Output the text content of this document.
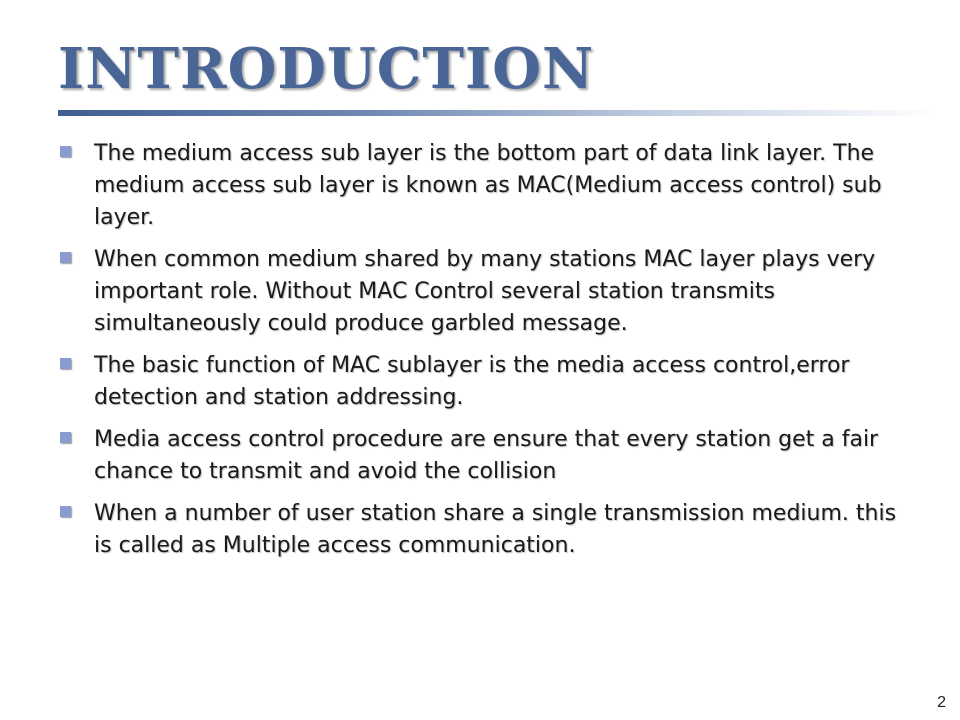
INTRODUCTION
The medium access sub layer is the bottom part of data link layer. The medium access sub layer is known as MAC(Medium access control) sub layer.
When common medium shared by many stations MAC layer plays very important role. Without MAC Control several station transmits simultaneously could produce garbled message.
The basic function of MAC sublayer is the media access control,error detection and station addressing.
Media access control procedure are ensure that every station get a fair chance to transmit and avoid the collision
When a number of user station share a single transmission medium. this is called as Multiple access communication.
2
